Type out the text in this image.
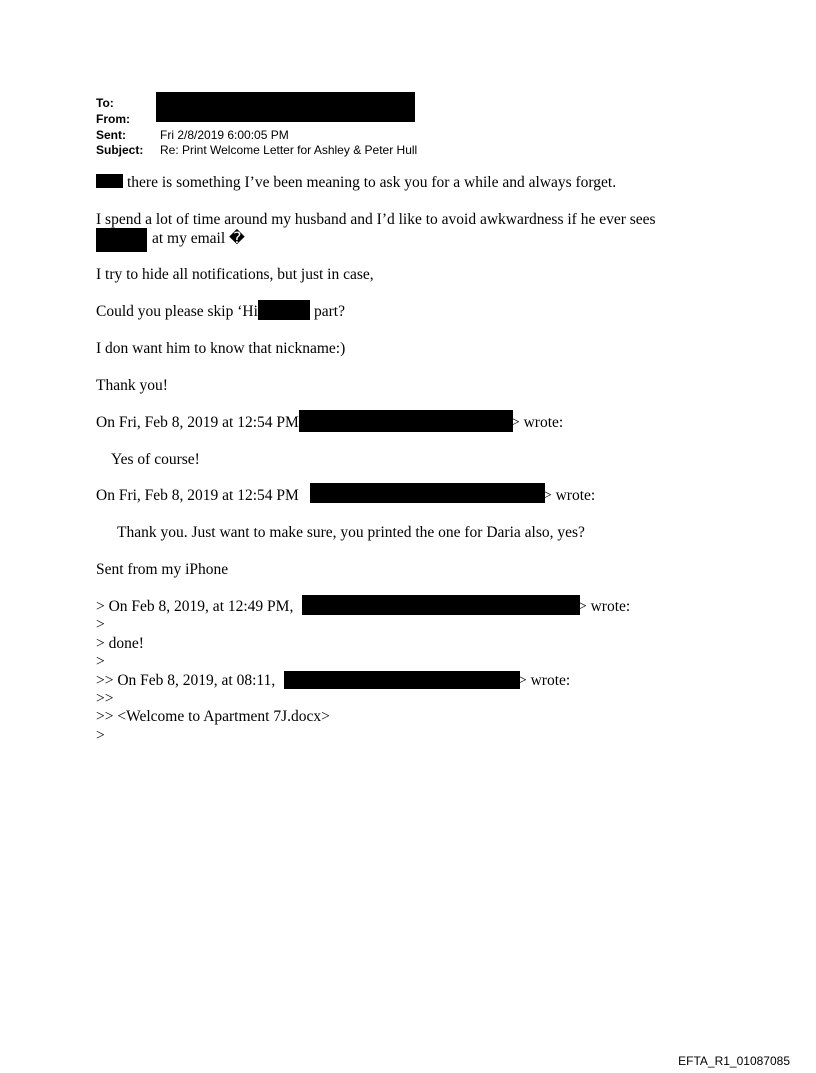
To:
From:
Sent:	Fri 2/8/2019 6:00:05 PM
Subject: Re: Print Welcome Letter for Ashley & Peter Hull
there is something I’ve been meaning to ask you for a while and always forget.
I spend a lot of time around my husband and I’d like to avoid awkwardness if he ever sees
at my email �
I try to hide all notifications, but just in case,
Could you please skip ‘Hi	part?
I don want him to know that nickname:)
Thank you!
On Fri, Feb 8, 2019 at 12:54 PM	> wrote:
Yes of course!
On Fri, Feb 8, 2019 at 12:54 PM	> wrote:
Thank you. Just want to make sure, you printed the one for Daria also, yes?
Sent from my iPhone
> On Feb 8, 2019, at 12:49 PM,	> wrote:
>
> done!
>
>> On Feb 8, 2019, at 08:11,	> wrote:
>>
>> <Welcome to Apartment 7J.docx>
>
EFTA_R1_01087085
